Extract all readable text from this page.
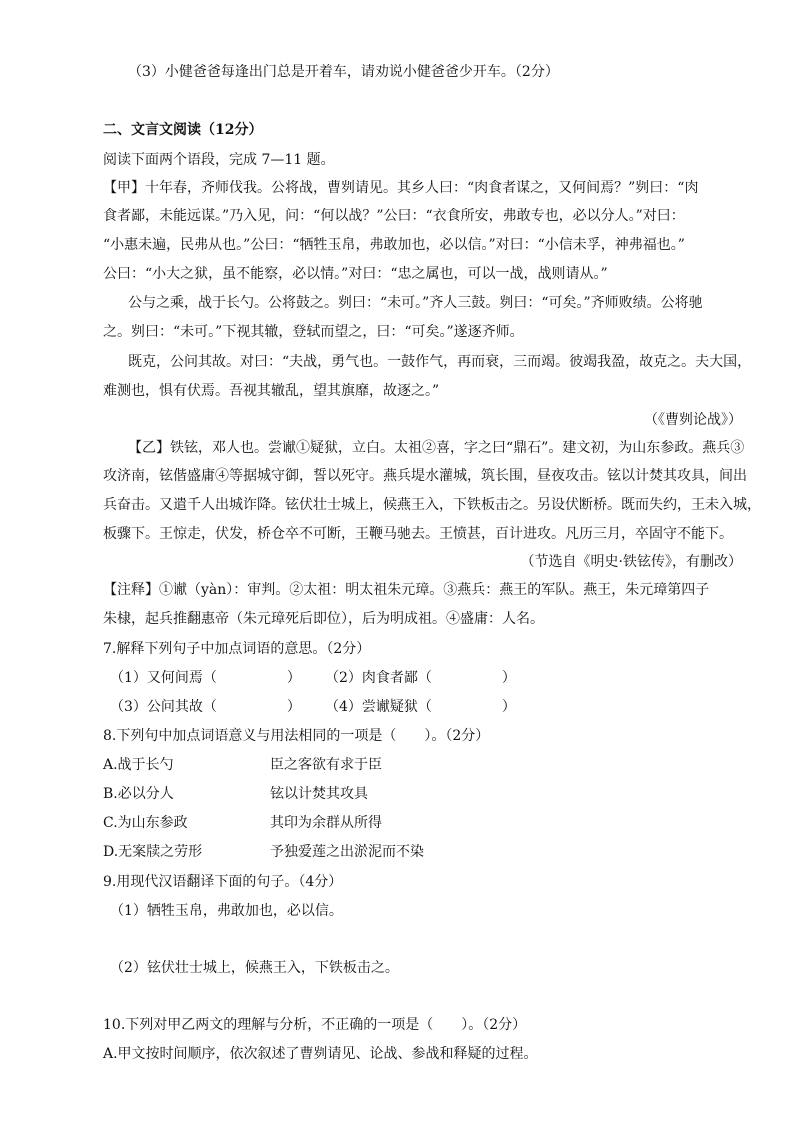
（3）小健爸爸每逢出门总是开着车，请劝说小健爸爸少开车。（2分）
二、文言文阅读（12分）
阅读下面两个语段，完成 7—11 题。
【甲】十年春，齐师伐我。公将战，曹刿请见。其乡人曰：“肉食者谋之，又何间焉？”刿曰：“肉
食者鄙，未能远谋。”乃入见，问：“何以战？”公曰：“衣食所安，弗敢专也，必以分人。”对曰：
“小惠未遍，民弗从也。”公曰：“牺牲玉帛，弗敢加也，必以信。”对曰：“小信未孚，神弗福也。”
公曰：“小大之狱，虽不能察，必以情。”对曰：“忠之属也，可以一战，战则请从。”
公与之乘，战于长勺。公将鼓之。刿曰：“未可。”齐人三鼓。刿曰：“可矣。”齐师败绩。公将驰
之。刿曰：“未可。”下视其辙，登轼而望之，曰：“可矣。”遂逐齐师。
既克，公问其故。对曰：“夫战，勇气也。一鼓作气，再而衰，三而竭。彼竭我盈，故克之。夫大国，
难测也，惧有伏焉。吾视其辙乱，望其旗靡，故逐之。”
（《曹刿论战》）
【乙】铁铉，邓人也。尝谳①疑狱，立白。太祖②喜，字之曰“鼎石”。建文初，为山东参政。燕兵③
攻济南，铉偕盛庸④等据城守御，誓以死守。燕兵堤水灌城，筑长围，昼夜攻击。铉以计焚其攻具，间出
兵奋击。又遣千人出城诈降。铉伏壮士城上，候燕王入，下铁板击之。另设伏断桥。既而失约，王未入城，
板骤下。王惊走，伏发，桥仓卒不可断，王鞭马驰去。王愤甚，百计进攻。凡历三月，卒固守不能下。
（节选自《明史·铁铉传》，有删改）
【注释】①谳（yàn）：审判。②太祖：明太祖朱元璋。③燕兵：燕王的军队。燕王，朱元璋第四子
朱棣，起兵推翻惠帝（朱元璋死后即位），后为明成祖。④盛庸：人名。
7.解释下列句子中加点词语的意思。（2分）
（1）又何间焉（　　　　　） （2）肉食者鄙（　　　　　）
（3）公问其故（　　　　　） （4）尝谳疑狱（　　　　　）
8.下列句中加点词语意义与用法相同的一项是（　　）。（2分）
A.战于长勺	臣之客欲有求于臣
B.必以分人	铉以计焚其攻具
C.为山东参政	其印为余群从所得
D.无案牍之劳形	予独爱莲之出淤泥而不染
9.用现代汉语翻译下面的句子。（4分）
（1）牺牲玉帛，弗敢加也，必以信。
（2）铉伏壮士城上，候燕王入，下铁板击之。
10.下列对甲乙两文的理解与分析，不正确的一项是（　　）。（2分）
A.甲文按时间顺序，依次叙述了曹刿请见、论战、参战和释疑的过程。
